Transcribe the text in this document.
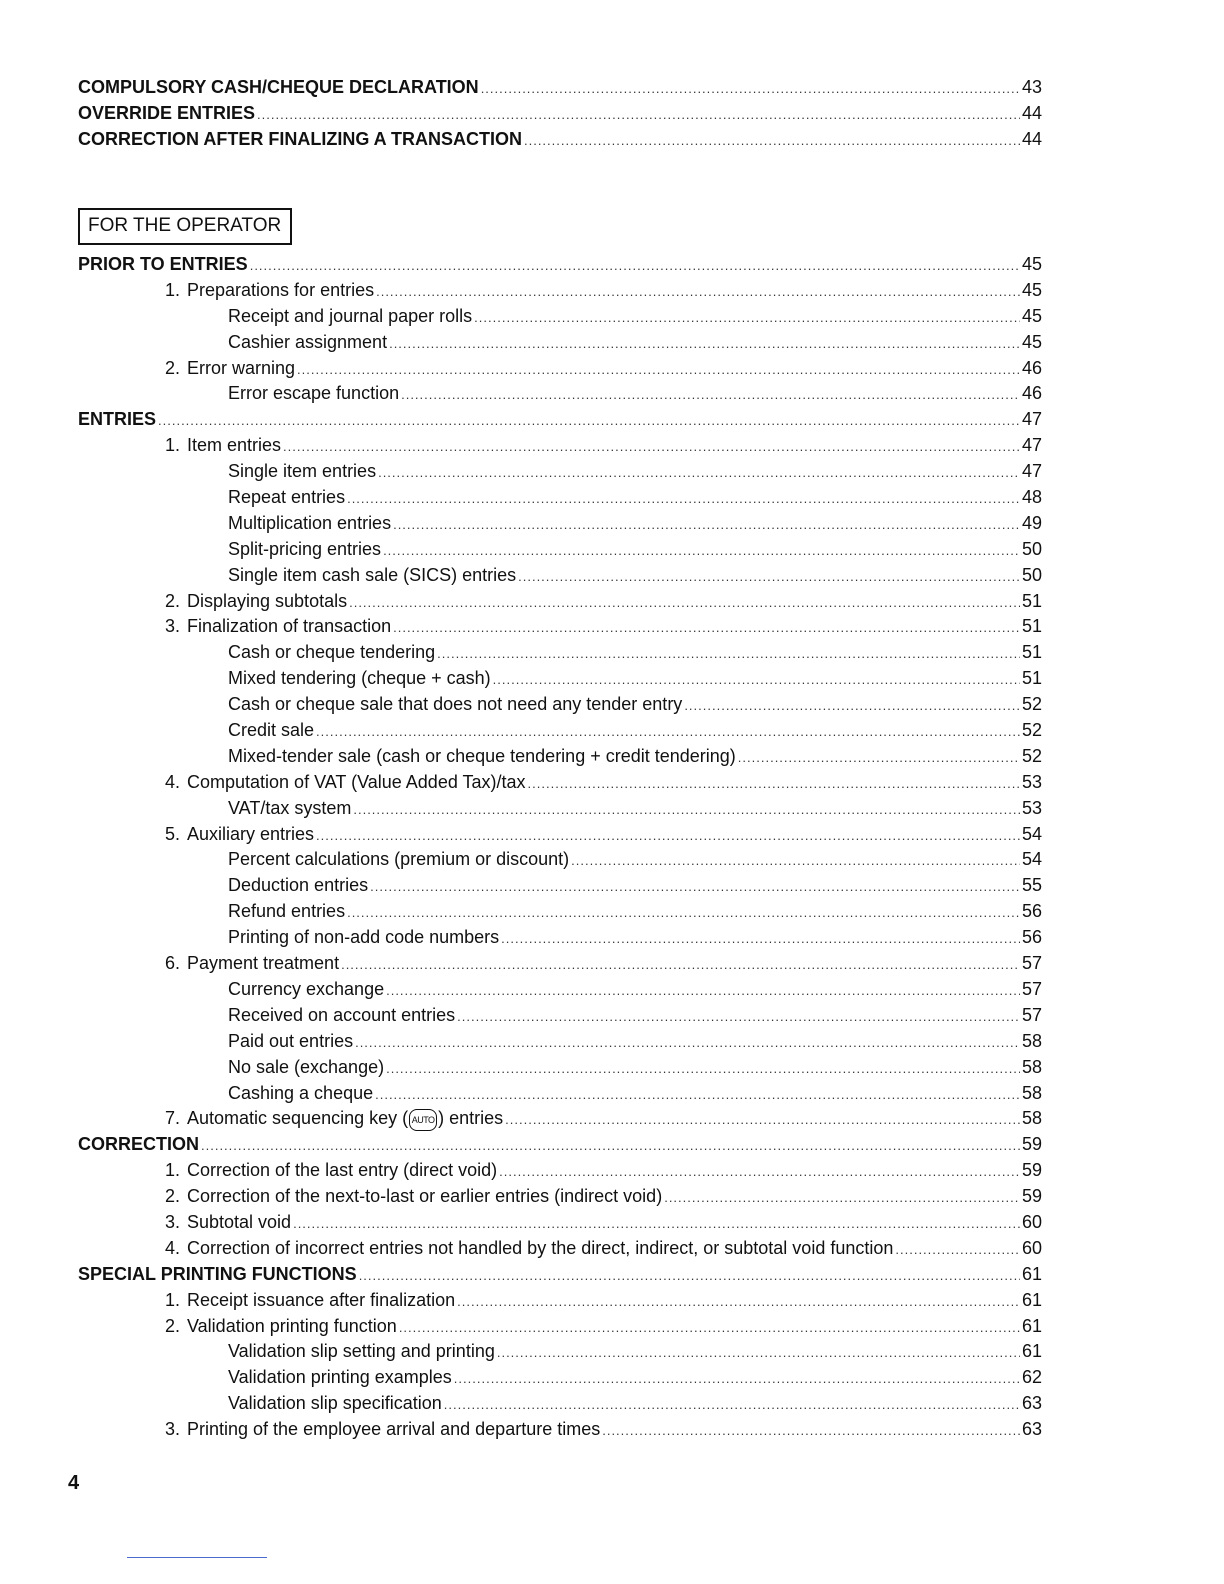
COMPULSORY CASH/CHEQUE DECLARATION .....	43
OVERRIDE ENTRIES .....	44
CORRECTION AFTER FINALIZING A TRANSACTION .....	44
FOR THE OPERATOR
PRIOR TO ENTRIES .....	45
1. Preparations for entries .....	45
Receipt and journal paper rolls .....	45
Cashier assignment .....	45
2. Error warning .....	46
Error escape function .....	46
ENTRIES .....	47
1. Item entries .....	47
Single item entries .....	47
Repeat entries .....	48
Multiplication entries .....	49
Split-pricing entries .....	50
Single item cash sale (SICS) entries .....	50
2. Displaying subtotals .....	51
3. Finalization of transaction .....	51
Cash or cheque tendering .....	51
Mixed tendering (cheque + cash) .....	51
Cash or cheque sale that does not need any tender entry .....	52
Credit sale .....	52
Mixed-tender sale (cash or cheque tendering + credit tendering) .....	52
4. Computation of VAT (Value Added Tax)/tax .....	53
VAT/tax system .....	53
5. Auxiliary entries .....	54
Percent calculations (premium or discount) .....	54
Deduction entries .....	55
Refund entries .....	56
Printing of non-add code numbers .....	56
6. Payment treatment .....	57
Currency exchange .....	57
Received on account entries .....	57
Paid out entries .....	58
No sale (exchange) .....	58
Cashing a cheque .....	58
7. Automatic sequencing key ( AUTO ) entries .....	58
CORRECTION .....	59
1. Correction of the last entry (direct void) .....	59
2. Correction of the next-to-last or earlier entries (indirect void) .....	59
3. Subtotal void .....	60
4. Correction of incorrect entries not handled by the direct, indirect, or subtotal void function .....	60
SPECIAL PRINTING FUNCTIONS .....	61
1. Receipt issuance after finalization .....	61
2. Validation printing function .....	61
Validation slip setting and printing .....	61
Validation printing examples .....	62
Validation slip specification .....	63
3. Printing of the employee arrival and departure times .....	63
4
